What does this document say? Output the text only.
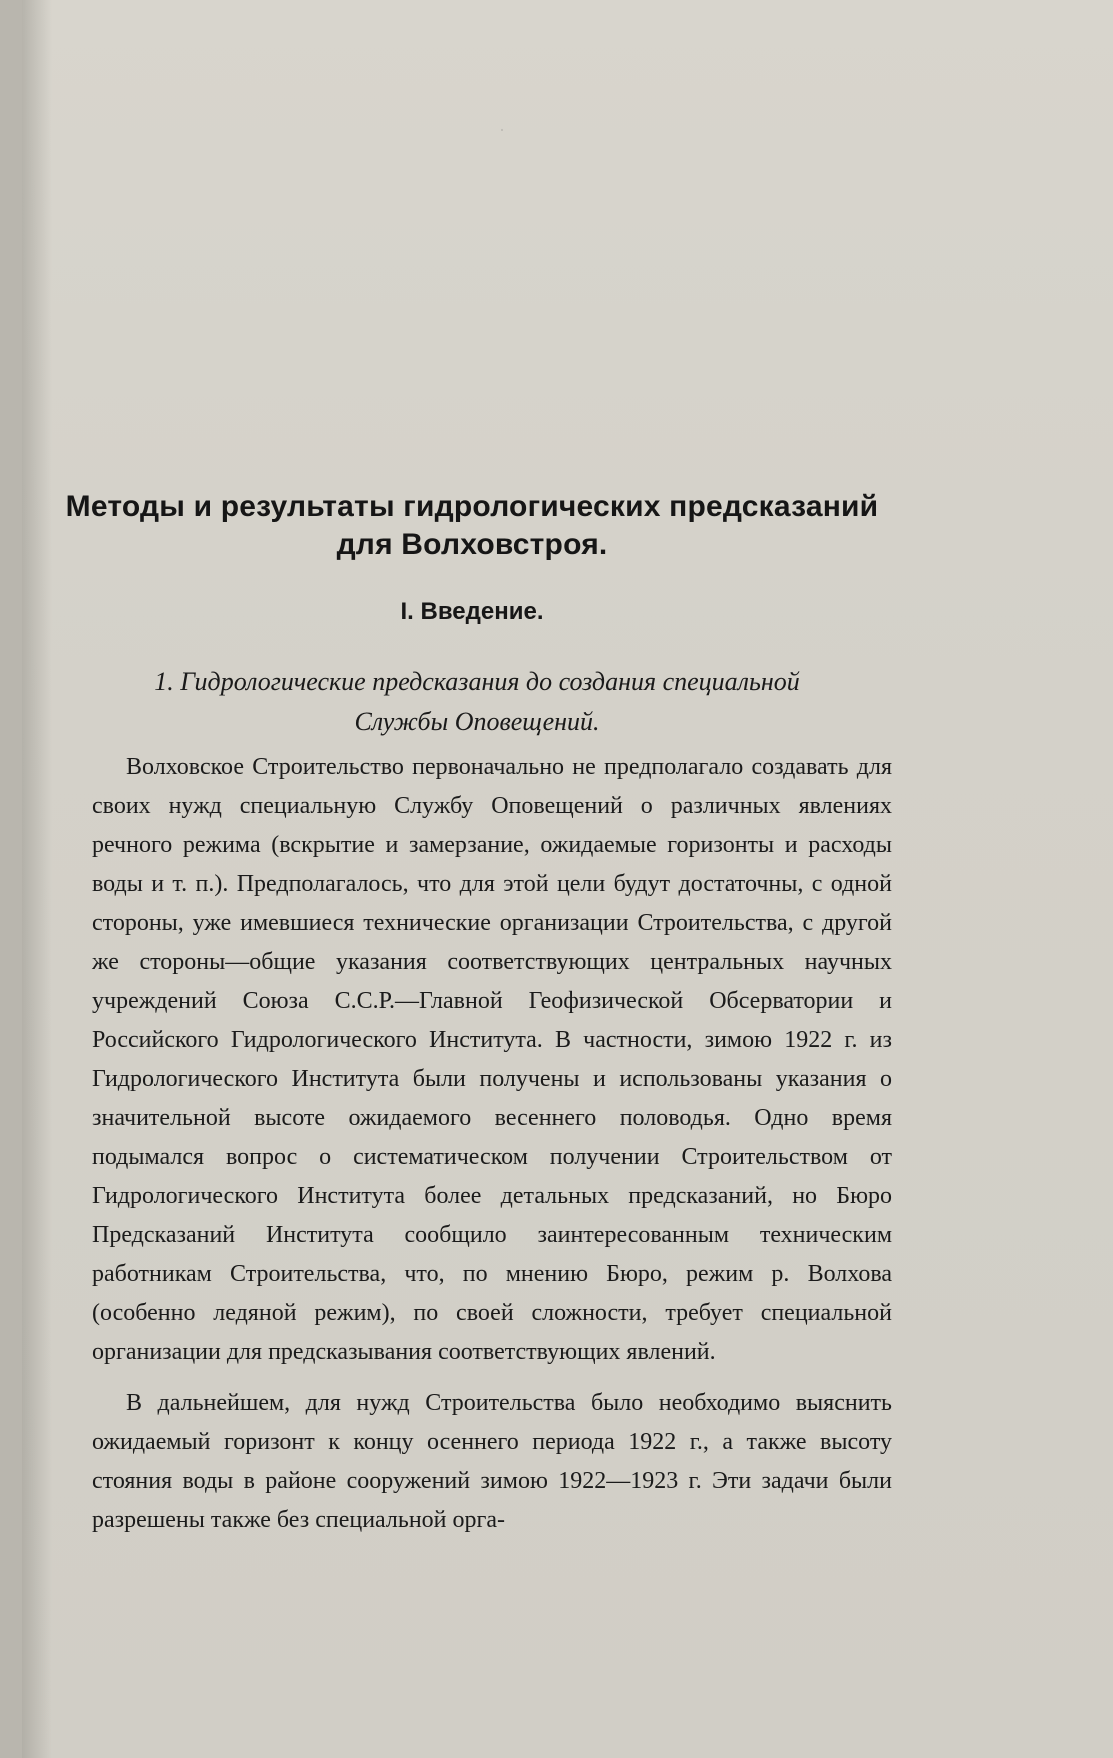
·
Методы и результаты гидрологических предсказаний
для Волховстроя.
I. Введение.
1. Гидрологические предсказания до создания специальной
Службы Оповещений.

Волховское Строительство первоначально не предполагало создавать для своих нужд специальную Службу Оповещений о различных явлениях речного режима (вскрытие и замерзание, ожидаемые горизонты и расходы воды и т. п.). Предполагалось, что для этой цели будут достаточны, с одной стороны, уже имевшиеся технические организации Строительства, с другой же стороны—общие указания соответствующих центральных научных учреждений Союза С.С.Р.—Главной Геофизической Обсерватории и Российского Гидрологического Института. В частности, зимою 1922 г. из Гидрологического Института были получены и использованы указания о значительной высоте ожидаемого весеннего половодья. Одно время подымался вопрос о систематическом получении Строительством от Гидрологического Института более детальных предсказаний, но Бюро Предсказаний Института сообщило заинтересованным техническим работникам Строительства, что, по мнению Бюро, режим р. Волхова (особенно ледяной режим), по своей сложности, требует специальной организации для предсказывания соответствующих явлений.

В дальнейшем, для нужд Строительства было необходимо выяснить ожидаемый горизонт к концу осеннего периода 1922 г., а также высоту стояния воды в районе сооружений зимою 1922—1923 г. Эти задачи были разрешены также без специальной орга-
